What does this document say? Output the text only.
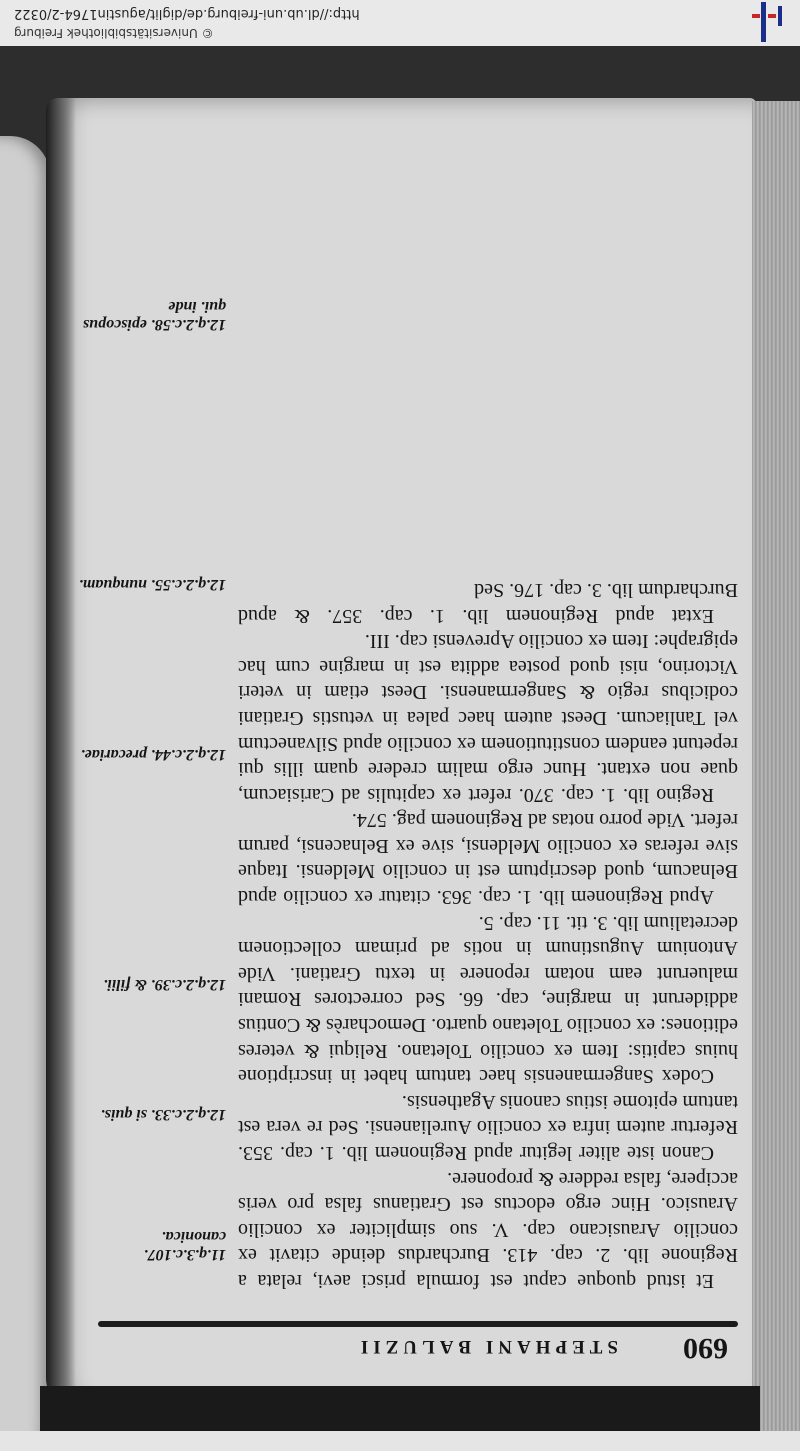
http://dl.ub.uni-freiburg.de/diglit/agustin1764-2/0322
© Universitätsbibliothek Freiburg
690
STEPHANI BALUZII

Et istud quoque caput est formula prisci aevi, relata a Reginone lib. 2. cap. 413. Burchardus deinde citavit ex concilio Arausicano cap. V. suo simpliciter ex concilio Arausico. Hinc ergo edoctus est Gratianus falsa pro veris accipere, falsa reddere & proponere.

Canon iste aliter legitur apud Reginonem lib. 1. cap. 353. Refertur autem infra ex concilio Aurelianensi. Sed re vera est tantum epitome istius canonis Agathensis.

Codex Sangermanensis haec tantum habet in inscriptione huius capitis: Item ex concilio Toletano. Reliqui & veteres editiones: ex concilio Toletano quarto. Democharès & Contius addiderunt in margine, cap. 66. Sed correctores Romani maluerunt eam notam reponere in textu Gratiani. Vide Antonium Augustinum in notis ad primam collectionem decretalium lib. 3. tit. 11. cap. 5.

Apud Reginonem lib. 1. cap. 363. citatur ex concilio apud Belnacum, quod descriptum est in concilio Meldensi. Itaque sive referas ex concilio Meldensi, sive ex Belnacensi, parum refert. Vide porro notas ad Reginonem pag. 574.

Regino lib. 1. cap. 370. refert ex capitulis ad Carisiacum, quae non extant. Hunc ergo malim credere quam illis qui repetunt eandem constitutionem ex concilio apud Silvanectum vel Tanliacum. Deest autem haec palea in vetustis Gratiani codicibus regio & Sangermanensi. Deest etiam in veteri Victorino, nisi quod postea addita est in margine cum hac epigraphe: Item ex concilio Aprevensi cap. III.

Extat apud Reginonem lib. 1. cap. 357. & apud Burchardum lib. 3. cap. 176. Sed

11.q.3.c.107. canonica.
12.q.2.c.33. si quis.
12.q.2.c.39. & filii.
12.q.2.c.44. precariae.
12.q.2.c.55. nunquam.
12.q.2.c.58. episcopus qui. inde
